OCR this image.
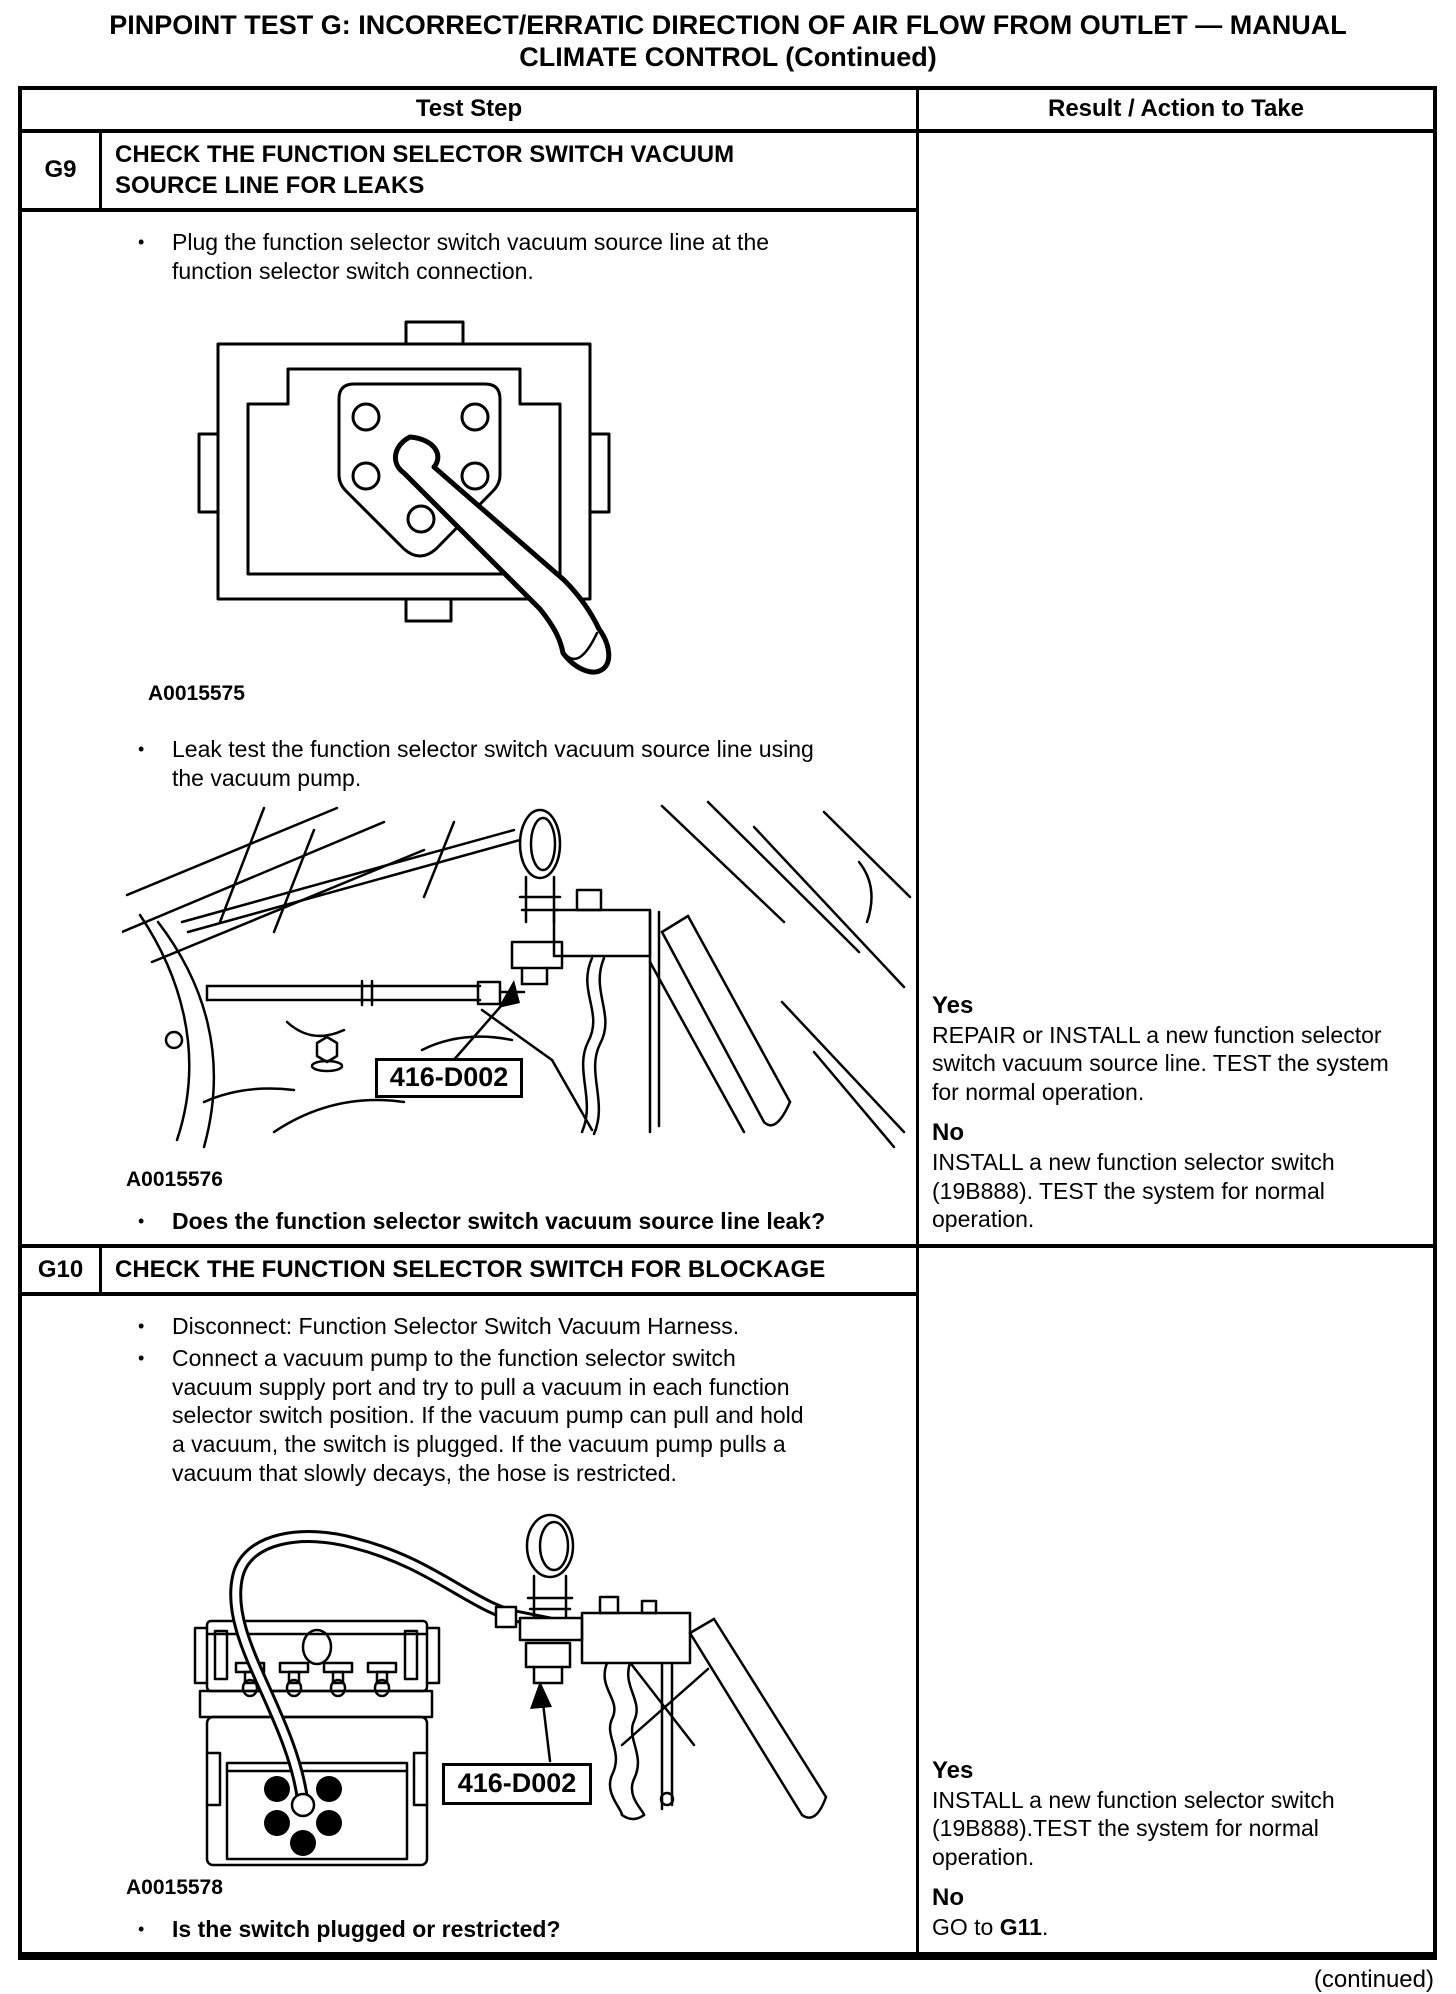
PINPOINT TEST G: INCORRECT/ERRATIC DIRECTION OF AIR FLOW FROM OUTLET — MANUAL
CLIMATE CONTROL (Continued)
Test Step	Result / Action to Take
G9
CHECK THE FUNCTION SELECTOR SWITCH VACUUM SOURCE LINE FOR LEAKS
•	Plug the function selector switch vacuum source line at the function selector switch connection.

A0015575
•	Leak test the function selector switch vacuum source line using the vacuum pump.

416-D002
A0015576
•	Does the function selector switch vacuum source line leak?

Yes

REPAIR or INSTALL a new function selector switch vacuum source line. TEST the system for normal operation.

No

INSTALL a new function selector switch (19B888). TEST the system for normal operation.

G10	CHECK THE FUNCTION SELECTOR SWITCH FOR BLOCKAGE
•	Disconnect: Function Selector Switch Vacuum Harness.

•	Connect a vacuum pump to the function selector switch vacuum supply port and try to pull a vacuum in each function selector switch position. If the vacuum pump can pull and hold a vacuum, the switch is plugged. If the vacuum pump pulls a vacuum that slowly decays, the hose is restricted.

416-D002
A0015578
•	Is the switch plugged or restricted?

Yes

INSTALL a new function selector switch (19B888).TEST the system for normal operation.

No

GO to G11.

(continued)
